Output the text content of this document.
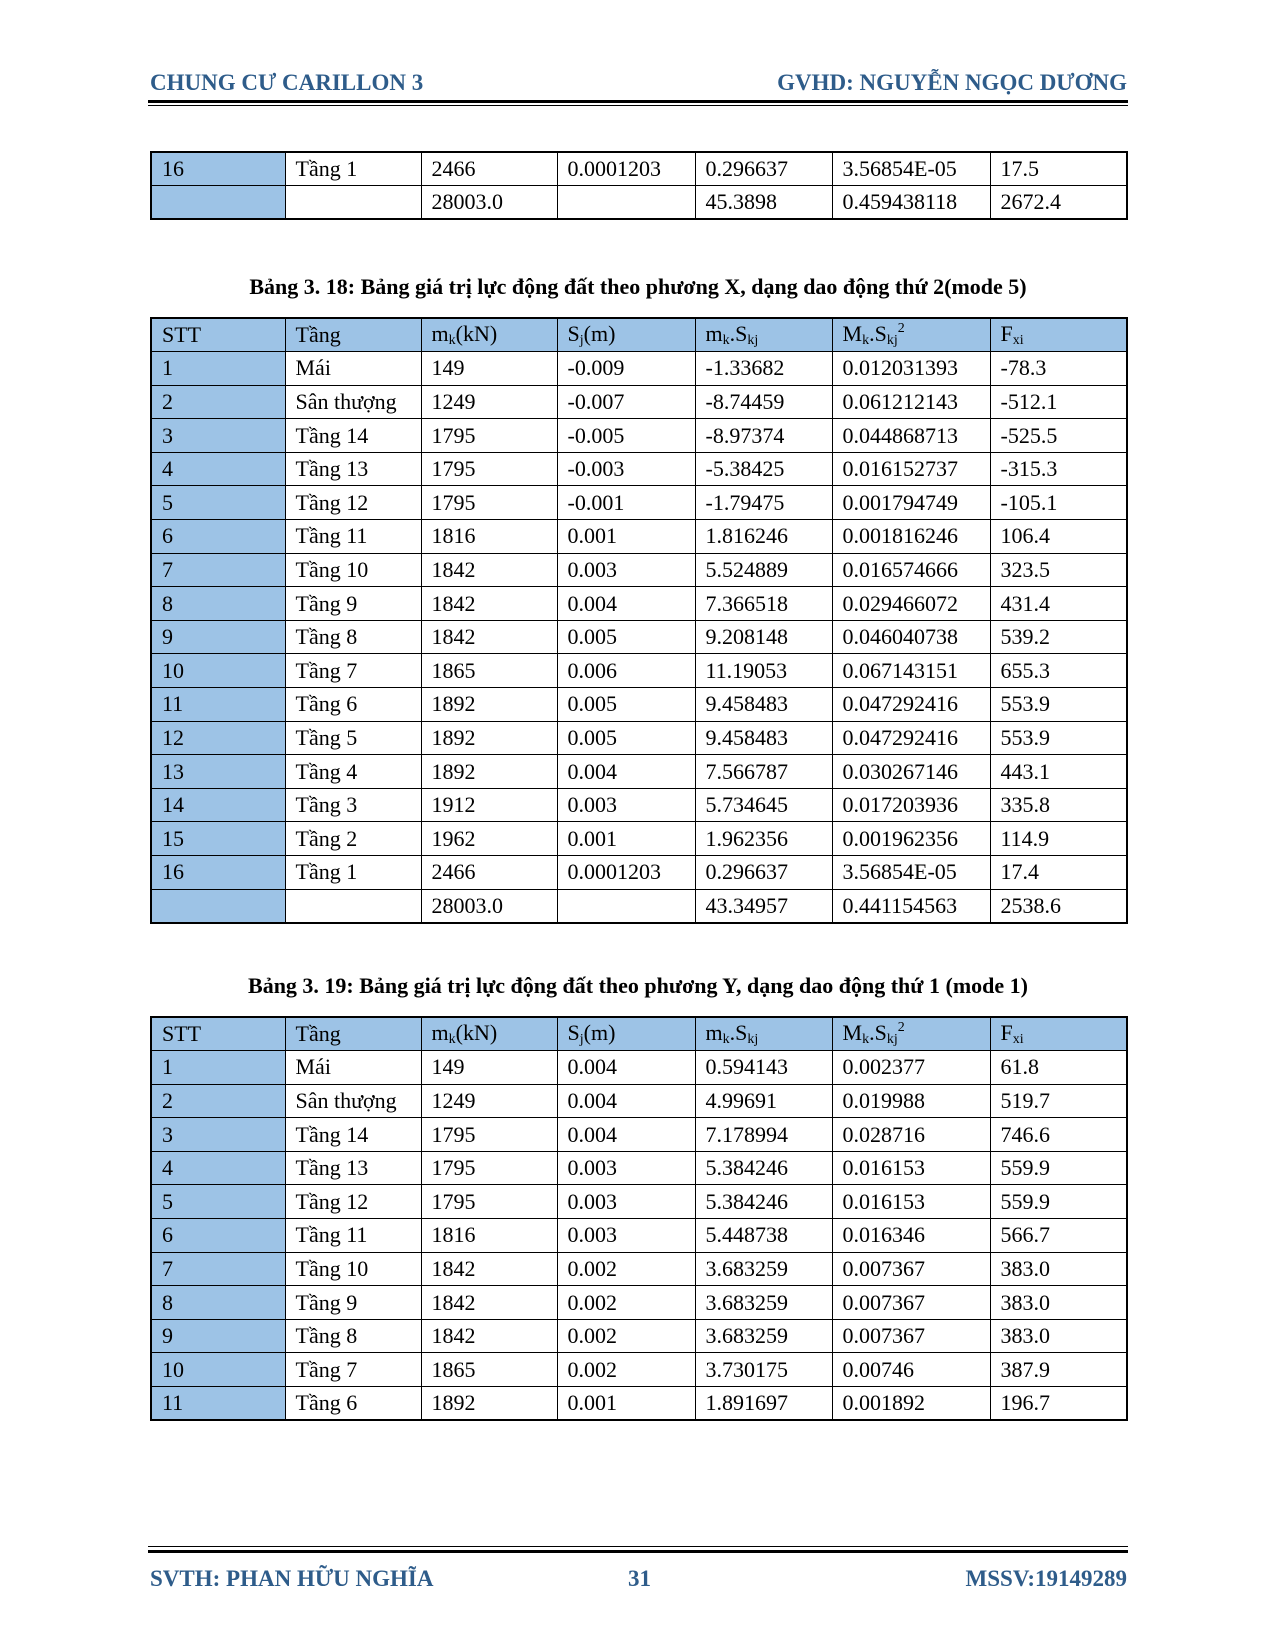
CHUNG CƯ CARILLON 3	GVHD: NGUYỄN NGỌC DƯƠNG
16	Tầng 1	2466	0.0001203	0.296637	3.56854E-05	17.5
		28003.0		45.3898	0.459438118	2672.4
Bảng 3. 18: Bảng giá trị lực động đất theo phương X, dạng dao động thứ 2(mode 5)
STT	Tầng	$m_k(kN)$	$S_j(m)$	$m_k.S_{kj}$	$M_k.S_{kj}^2$	$F_{xi}$
1	Mái	149	-0.009	-1.33682	0.012031393	-78.3
2	Sân thượng	1249	-0.007	-8.74459	0.061212143	-512.1
3	Tầng 14	1795	-0.005	-8.97374	0.044868713	-525.5
4	Tầng 13	1795	-0.003	-5.38425	0.016152737	-315.3
5	Tầng 12	1795	-0.001	-1.79475	0.001794749	-105.1
6	Tầng 11	1816	0.001	1.816246	0.001816246	106.4
7	Tầng 10	1842	0.003	5.524889	0.016574666	323.5
8	Tầng 9	1842	0.004	7.366518	0.029466072	431.4
9	Tầng 8	1842	0.005	9.208148	0.046040738	539.2
10	Tầng 7	1865	0.006	11.19053	0.067143151	655.3
11	Tầng 6	1892	0.005	9.458483	0.047292416	553.9
12	Tầng 5	1892	0.005	9.458483	0.047292416	553.9
13	Tầng 4	1892	0.004	7.566787	0.030267146	443.1
14	Tầng 3	1912	0.003	5.734645	0.017203936	335.8
15	Tầng 2	1962	0.001	1.962356	0.001962356	114.9
16	Tầng 1	2466	0.0001203	0.296637	3.56854E-05	17.4
		28003.0		43.34957	0.441154563	2538.6
Bảng 3. 19: Bảng giá trị lực động đất theo phương Y, dạng dao động thứ 1 (mode 1)
STT	Tầng	$m_k(kN)$	$S_j(m)$	$m_k.S_{kj}$	$M_k.S_{kj}^2$	$F_{xi}$
1	Mái	149	0.004	0.594143	0.002377	61.8
2	Sân thượng	1249	0.004	4.99691	0.019988	519.7
3	Tầng 14	1795	0.004	7.178994	0.028716	746.6
4	Tầng 13	1795	0.003	5.384246	0.016153	559.9
5	Tầng 12	1795	0.003	5.384246	0.016153	559.9
6	Tầng 11	1816	0.003	5.448738	0.016346	566.7
7	Tầng 10	1842	0.002	3.683259	0.007367	383.0
8	Tầng 9	1842	0.002	3.683259	0.007367	383.0
9	Tầng 8	1842	0.002	3.683259	0.007367	383.0
10	Tầng 7	1865	0.002	3.730175	0.00746	387.9
11	Tầng 6	1892	0.001	1.891697	0.001892	196.7
SVTH: PHAN HỮU NGHĨA	31	MSSV:19149289
